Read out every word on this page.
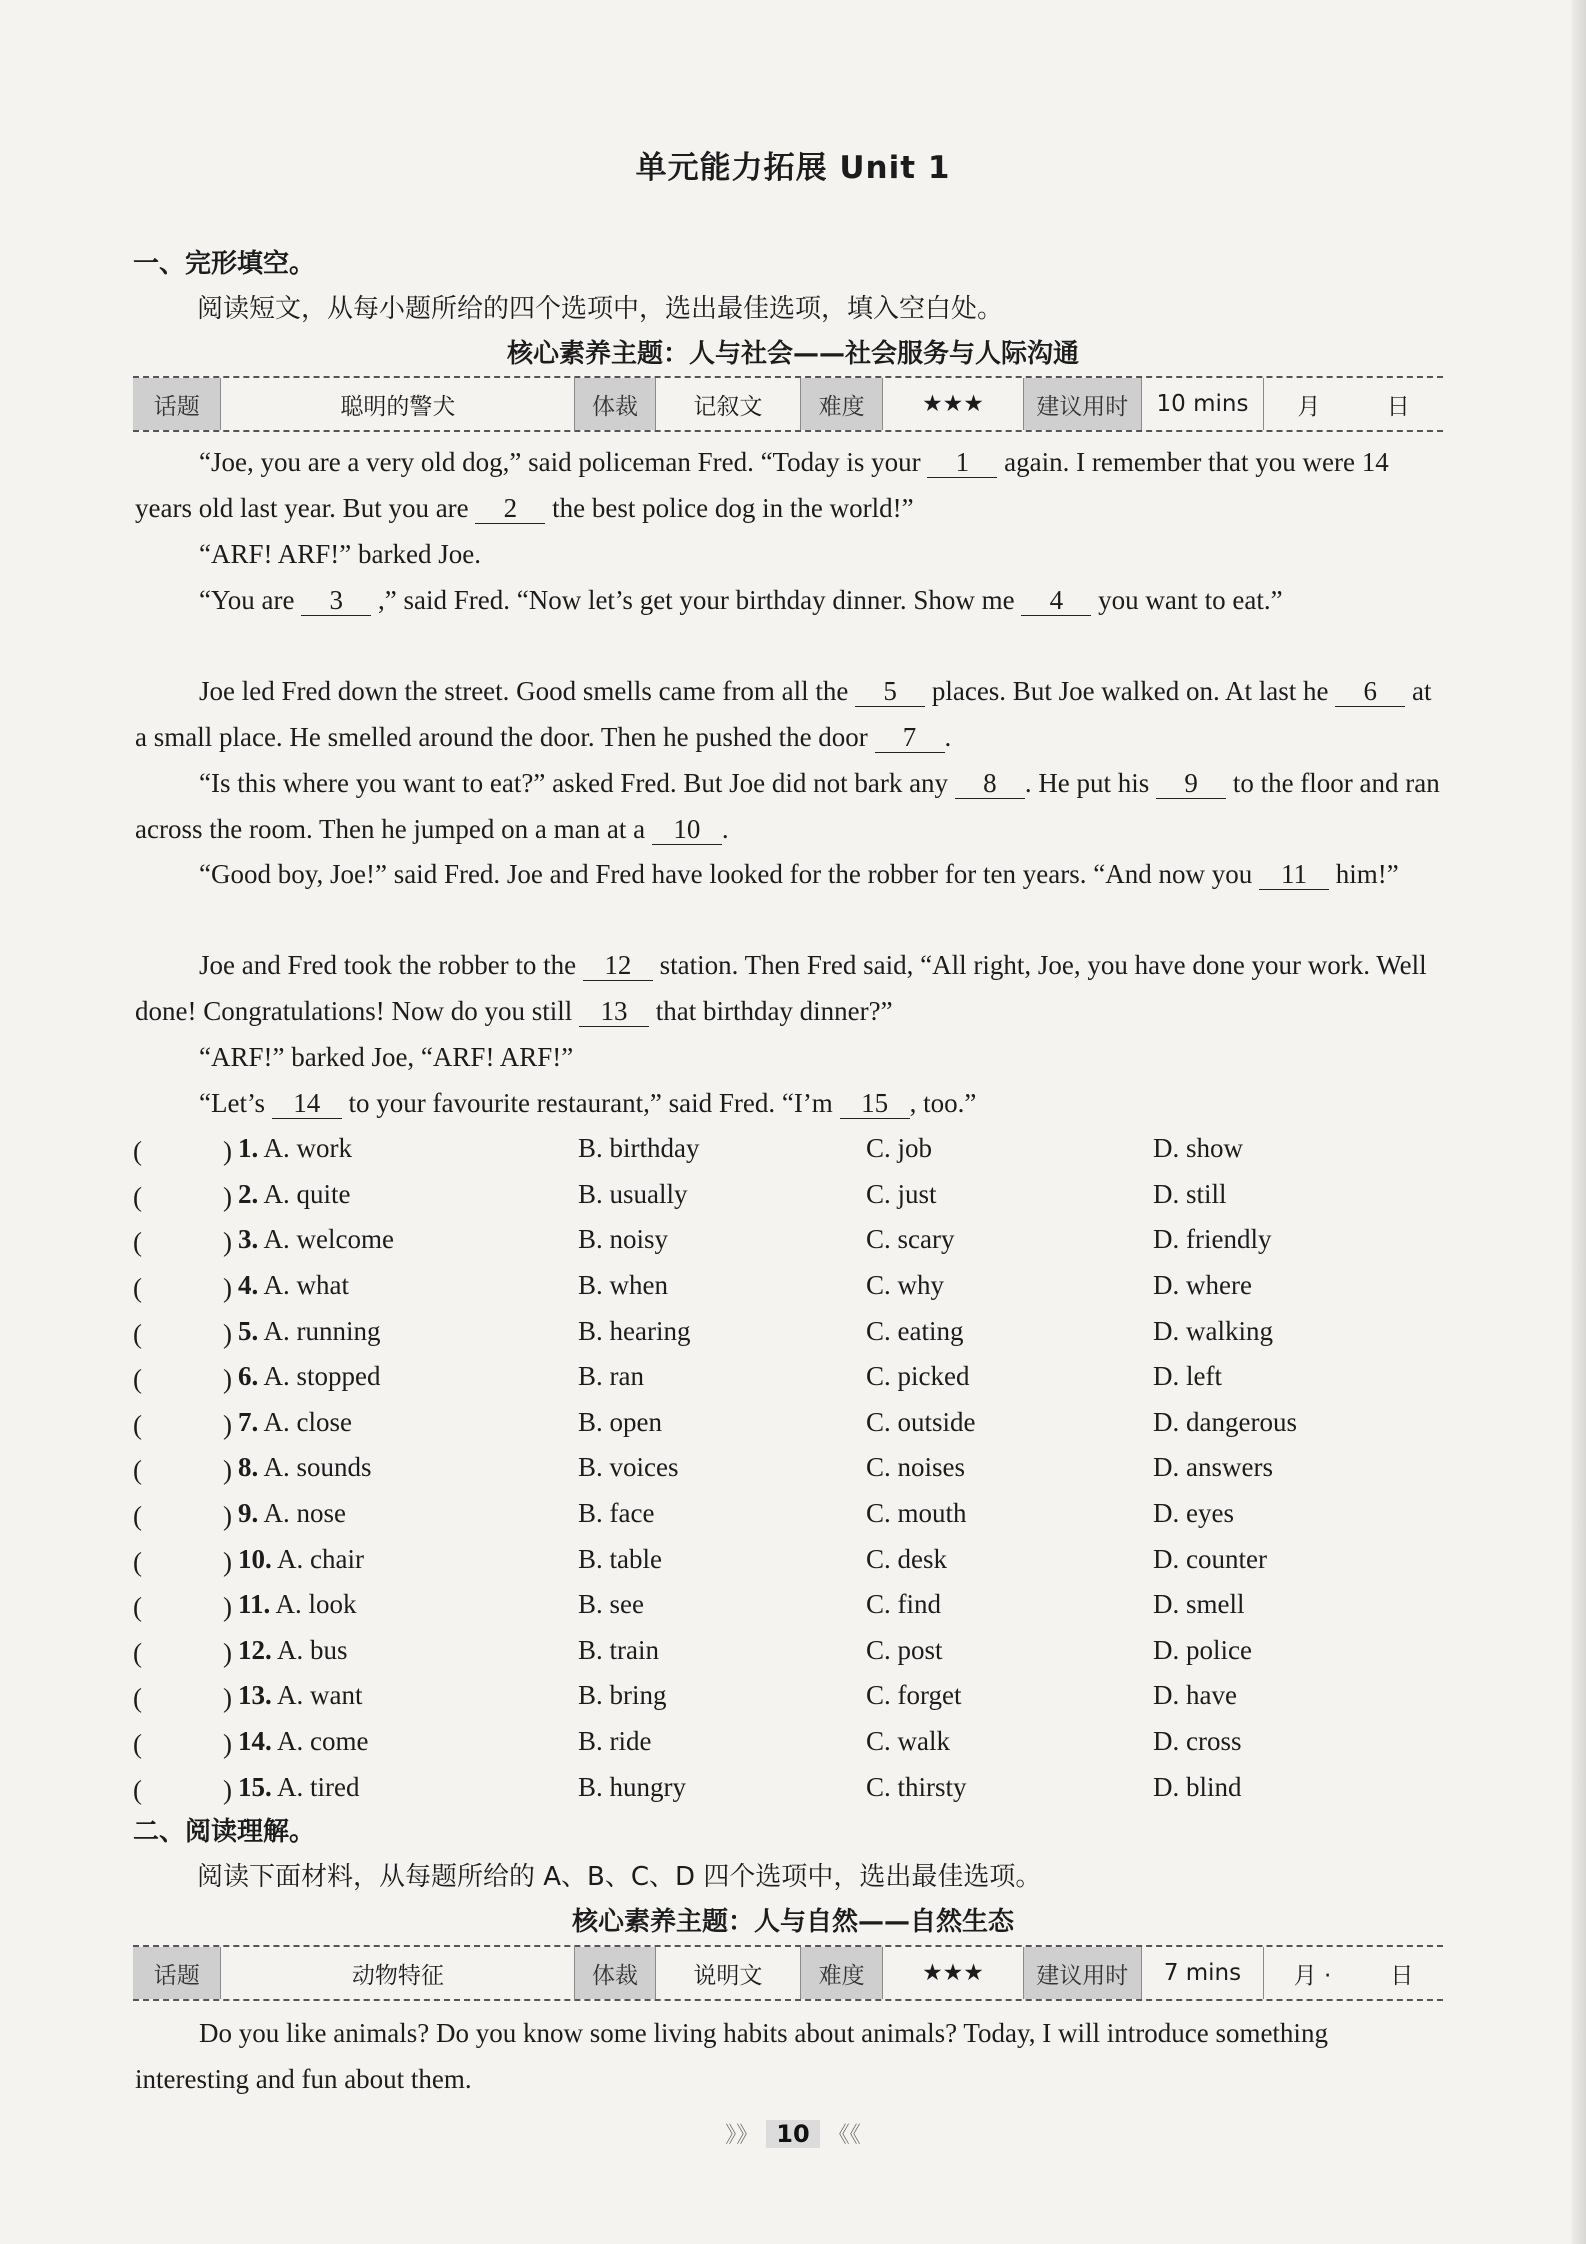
单元能力拓展 Unit 1
一、完形填空。
阅读短文，从每小题所给的四个选项中，选出最佳选项，填入空白处。
核心素养主题：人与社会——社会服务与人际沟通
话题	聪明的警犬	体裁	记叙文	难度	★★★	建议用时	10 mins	月	日

“Joe, you are a very old dog,” said policeman Fred. “Today is your 1 again. I remember that you were 14 years old last year. But you are 2 the best police dog in the world!”

“ARF! ARF!” barked Joe.

“You are 3 ,” said Fred. “Now let’s get your birthday dinner. Show me 4 you want to eat.”

Joe led Fred down the street. Good smells came from all the 5 places. But Joe walked on. At last he 6 at a small place. He smelled around the door. Then he pushed the door 7 .

“Is this where you want to eat?” asked Fred. But Joe did not bark any 8 . He put his 9 to the floor and ran across the room. Then he jumped on a man at a 10 .

“Good boy, Joe!” said Fred. Joe and Fred have looked for the robber for ten years. “And now you 11 him!”

Joe and Fred took the robber to the 12 station. Then Fred said, “All right, Joe, you have done your work. Well done! Congratulations! Now do you still 13 that birthday dinner?”

“ARF!” barked Joe, “ARF! ARF!”

“Let’s 14 to your favourite restaurant,” said Fred. “I’m 15 , too.”

(　　　) 1. A. work	B. birthday	C. job	D. show
(　　　) 2. A. quite	B. usually	C. just	D. still
(　　　) 3. A. welcome	B. noisy	C. scary	D. friendly
(　　　) 4. A. what	B. when	C. why	D. where
(　　　) 5. A. running	B. hearing	C. eating	D. walking
(　　　) 6. A. stopped	B. ran	C. picked	D. left
(　　　) 7. A. close	B. open	C. outside	D. dangerous
(　　　) 8. A. sounds	B. voices	C. noises	D. answers
(　　　) 9. A. nose	B. face	C. mouth	D. eyes
(　　　) 10. A. chair	B. table	C. desk	D. counter
(　　　) 11. A. look	B. see	C. find	D. smell
(　　　) 12. A. bus	B. train	C. post	D. police
(　　　) 13. A. want	B. bring	C. forget	D. have
(　　　) 14. A. come	B. ride	C. walk	D. cross
(　　　) 15. A. tired	B. hungry	C. thirsty	D. blind
二、阅读理解。
阅读下面材料，从每题所给的 A、B、C、D 四个选项中，选出最佳选项。
核心素养主题：人与自然——自然生态
话题	动物特征	体裁	说明文	难度	★★★	建议用时	7 mins	月 ·	日

Do you like animals? Do you know some living habits about animals? Today, I will introduce something interesting and fun about them.

》》 10 《《
